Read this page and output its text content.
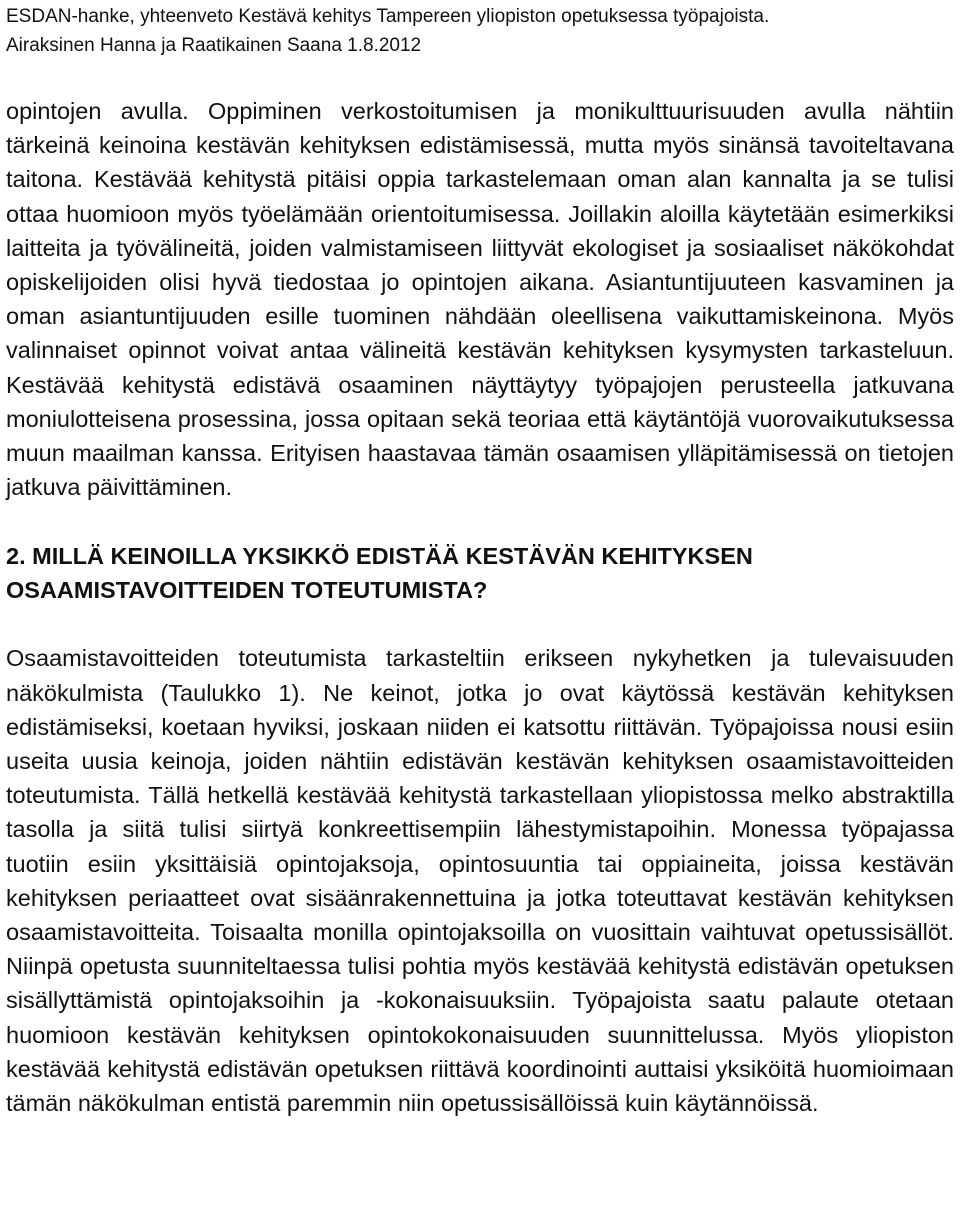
ESDAN-hanke, yhteenveto Kestävä kehitys Tampereen yliopiston opetuksessa työpajoista.
Airaksinen Hanna ja Raatikainen Saana 1.8.2012

opintojen avulla. Oppiminen verkostoitumisen ja monikulttuurisuuden avulla nähtiin tärkeinä keinoina kestävän kehityksen edistämisessä, mutta myös sinänsä tavoiteltavana taitona. Kestävää kehitystä pitäisi oppia tarkastelemaan oman alan kannalta ja se tulisi ottaa huomioon myös työelämään orientoitumisessa. Joillakin aloilla käytetään esimerkiksi laitteita ja työvälineitä, joiden valmistamiseen liittyvät ekologiset ja sosiaaliset näkökohdat opiskelijoiden olisi hyvä tiedostaa jo opintojen aikana. Asiantuntijuuteen kasvaminen ja oman asiantuntijuuden esille tuominen nähdään oleellisena vaikuttamiskeinona. Myös valinnaiset opinnot voivat antaa välineitä kestävän kehityksen kysymysten tarkasteluun. Kestävää kehitystä edistävä osaaminen näyttäytyy työpajojen perusteella jatkuvana moniulotteisena prosessina, jossa opitaan sekä teoriaa että käytäntöjä vuorovaikutuksessa muun maailman kanssa. Erityisen haastavaa tämän osaamisen ylläpitämisessä on tietojen jatkuva päivittäminen.

2. MILLÄ KEINOILLA YKSIKKÖ EDISTÄÄ KESTÄVÄN KEHITYKSEN OSAAMISTAVOITTEIDEN TOTEUTUMISTA?

Osaamistavoitteiden toteutumista tarkasteltiin erikseen nykyhetken ja tulevaisuuden näkökulmista (Taulukko 1). Ne keinot, jotka jo ovat käytössä kestävän kehityksen edistämiseksi, koetaan hyviksi, joskaan niiden ei katsottu riittävän. Työpajoissa nousi esiin useita uusia keinoja, joiden nähtiin edistävän kestävän kehityksen osaamistavoitteiden toteutumista. Tällä hetkellä kestävää kehitystä tarkastellaan yliopistossa melko abstraktilla tasolla ja siitä tulisi siirtyä konkreettisempiin lähestymistapoihin. Monessa työpajassa tuotiin esiin yksittäisiä opintojaksoja, opintosuuntia tai oppiaineita, joissa kestävän kehityksen periaatteet ovat sisäänrakennettuina ja jotka toteuttavat kestävän kehityksen osaamistavoitteita. Toisaalta monilla opintojaksoilla on vuosittain vaihtuvat opetussisällöt. Niinpä opetusta suunniteltaessa tulisi pohtia myös kestävää kehitystä edistävän opetuksen sisällyttämistä opintojaksoihin ja -kokonaisuuksiin. Työpajoista saatu palaute otetaan huomioon kestävän kehityksen opintokokonaisuuden suunnittelussa. Myös yliopiston kestävää kehitystä edistävän opetuksen riittävä koordinointi auttaisi yksiköitä huomioimaan tämän näkökulman entistä paremmin niin opetussisällöissä kuin käytännöissä.
